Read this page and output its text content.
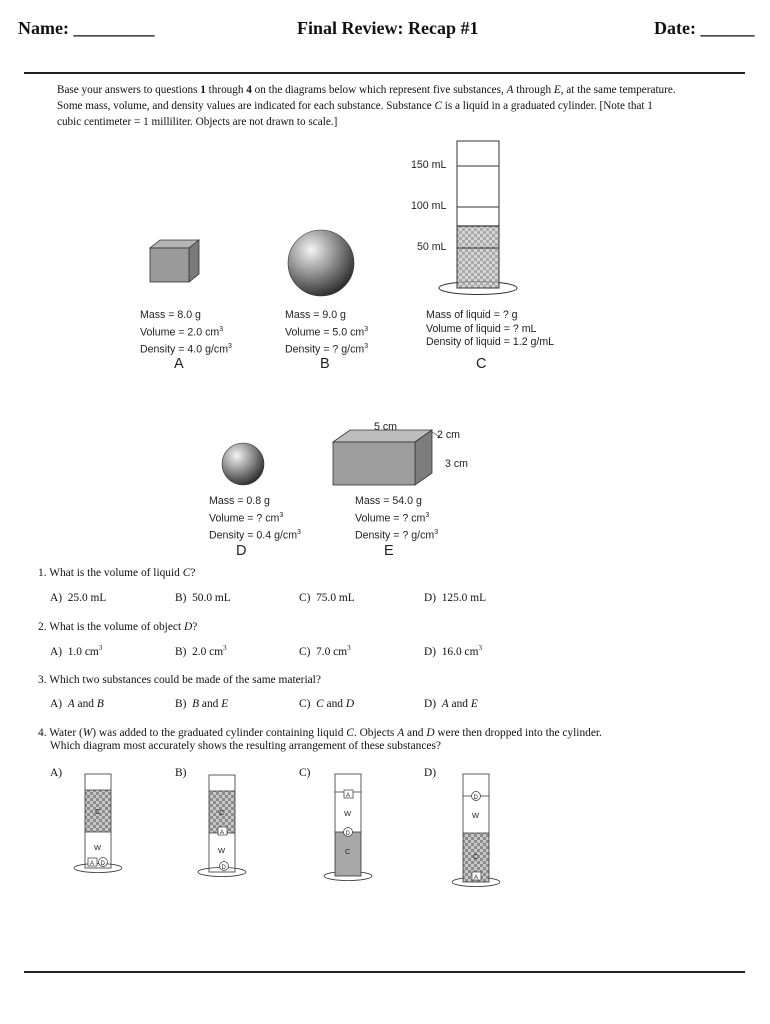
Name: _________	Final Review: Recap #1	Date: ______
Base your answers to questions 1 through 4 on the diagrams below which represent five substances, A through E, at the same temperature. Some mass, volume, and density values are indicated for each substance. Substance C is a liquid in a graduated cylinder. [Note that 1 cubic centimeter = 1 milliliter. Objects are not drawn to scale.]
150 mL
100 mL
50 mL
5 cm
2 cm
3 cm
C
W
A D
C
W
A
D
A
W
D
C
D
W
C
A
Mass = 8.0 g
Volume = 2.0 $cm^3$
Density = 4.0 $g/cm^3$
A
Mass = 9.0 g
Volume = 5.0 $cm^3$
Density = ? $g/cm^3$
B
Mass of liquid = ? g
Volume of liquid = ? mL
Density of liquid = 1.2 g/mL
C
Mass = 0.8 g
Volume = ? $cm^3$
Density = 0.4 $g/cm^3$
D
Mass = 54.0 g
Volume = ? $cm^3$
Density = ? $g/cm^3$
E
1. What is the volume of liquid C?
A) 25.0 mL	B) 50.0 mL	C) 75.0 mL	D) 125.0 mL
2. What is the volume of object D?
A) 1.0 $cm^3$	B) 2.0 $cm^3$	C) 7.0 $cm^3$	D) 16.0 $cm^3$
3. Which two substances could be made of the same material?
A) A and B	B) B and E	C) C and D	D) A and E
4. Water (W) was added to the graduated cylinder containing liquid C. Objects A and D were then dropped into the cylinder.
Which diagram most accurately shows the resulting arrangement of these substances?
A)	B)	C)	D)
